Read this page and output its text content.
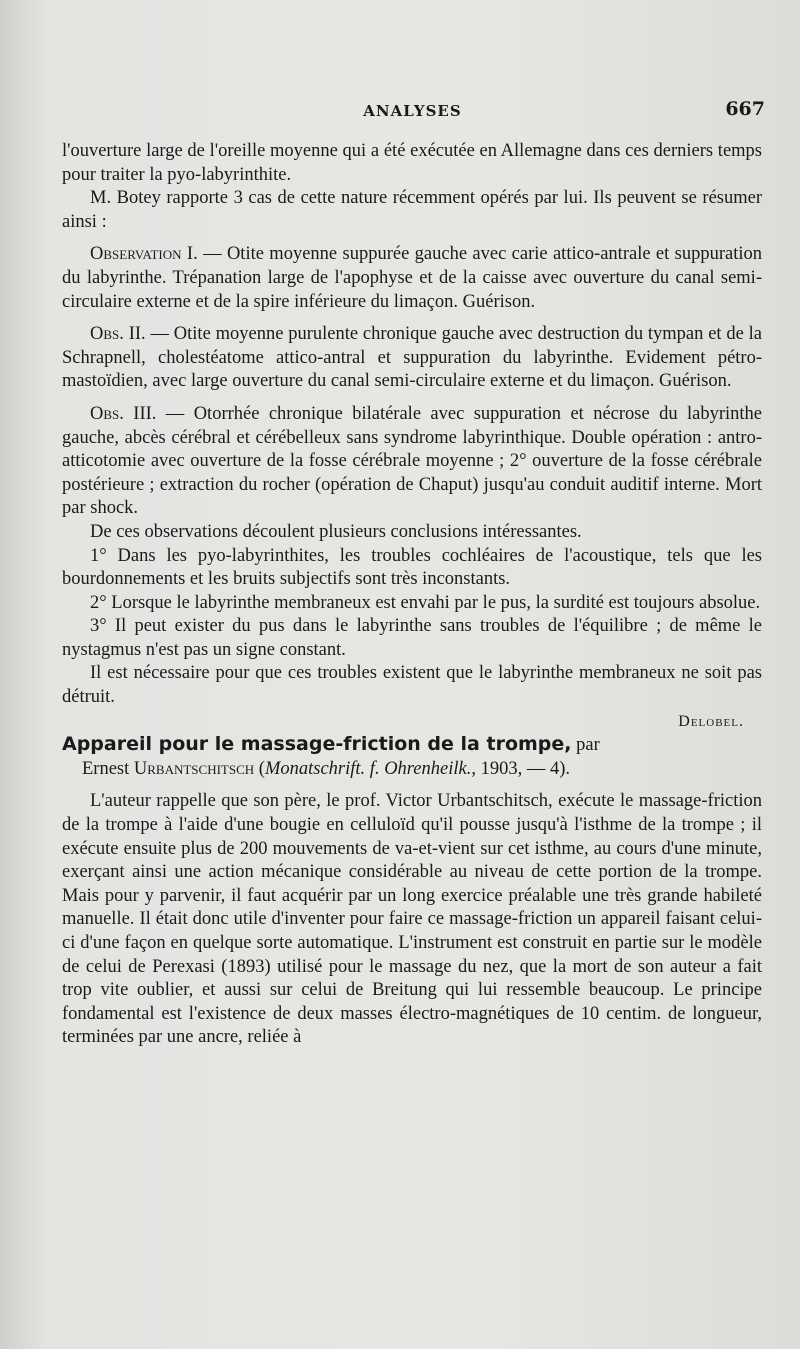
ANALYSES	667

l'ouverture large de l'oreille moyenne qui a été exécutée en Allemagne dans ces derniers temps pour traiter la pyo-labyrinthite.

M. Botey rapporte 3 cas de cette nature récemment opérés par lui. Ils peuvent se résumer ainsi :

Observation I. — Otite moyenne suppurée gauche avec carie attico-antrale et suppuration du labyrinthe. Trépanation large de l'apophyse et de la caisse avec ouverture du canal semi-circulaire externe et de la spire inférieure du limaçon. Guérison.

Obs. II. — Otite moyenne purulente chronique gauche avec destruction du tympan et de la Schrapnell, cholestéatome attico-antral et suppuration du labyrinthe. Evidement pétro-mastoïdien, avec large ouverture du canal semi-circulaire externe et du limaçon. Guérison.

Obs. III. — Otorrhée chronique bilatérale avec suppuration et nécrose du labyrinthe gauche, abcès cérébral et cérébelleux sans syndrome labyrinthique. Double opération : antro-atticotomie avec ouverture de la fosse cérébrale moyenne ; 2° ouverture de la fosse cérébrale postérieure ; extraction du rocher (opération de Chaput) jusqu'au conduit auditif interne. Mort par shock.

De ces observations découlent plusieurs conclusions intéressantes.

1° Dans les pyo-labyrinthites, les troubles cochléaires de l'acoustique, tels que les bourdonnements et les bruits subjectifs sont très inconstants.

2° Lorsque le labyrinthe membraneux est envahi par le pus, la surdité est toujours absolue.

3° Il peut exister du pus dans le labyrinthe sans troubles de l'équilibre ; de même le nystagmus n'est pas un signe constant.

Il est nécessaire pour que ces troubles existent que le labyrinthe membraneux ne soit pas détruit.

Delobel.

Appareil pour le massage-friction de la trompe, par

Ernest Urbantschitsch (Monatschrift. f. Ohrenheilk., 1903, — 4).

L'auteur rappelle que son père, le prof. Victor Urbantschitsch, exécute le massage-friction de la trompe à l'aide d'une bougie en celluloïd qu'il pousse jusqu'à l'isthme de la trompe ; il exécute ensuite plus de 200 mouvements de va-et-vient sur cet isthme, au cours d'une minute, exerçant ainsi une action mécanique considérable au niveau de cette portion de la trompe. Mais pour y parvenir, il faut acquérir par un long exercice préalable une très grande habileté manuelle. Il était donc utile d'inventer pour faire ce massage-friction un appareil faisant celui-ci d'une façon en quelque sorte automatique. L'instrument est construit en partie sur le modèle de celui de Perexasi (1893) utilisé pour le massage du nez, que la mort de son auteur a fait trop vite oublier, et aussi sur celui de Breitung qui lui ressemble beaucoup. Le principe fondamental est l'existence de deux masses électro-magnétiques de 10 centim. de longueur, terminées par une ancre, reliée à
